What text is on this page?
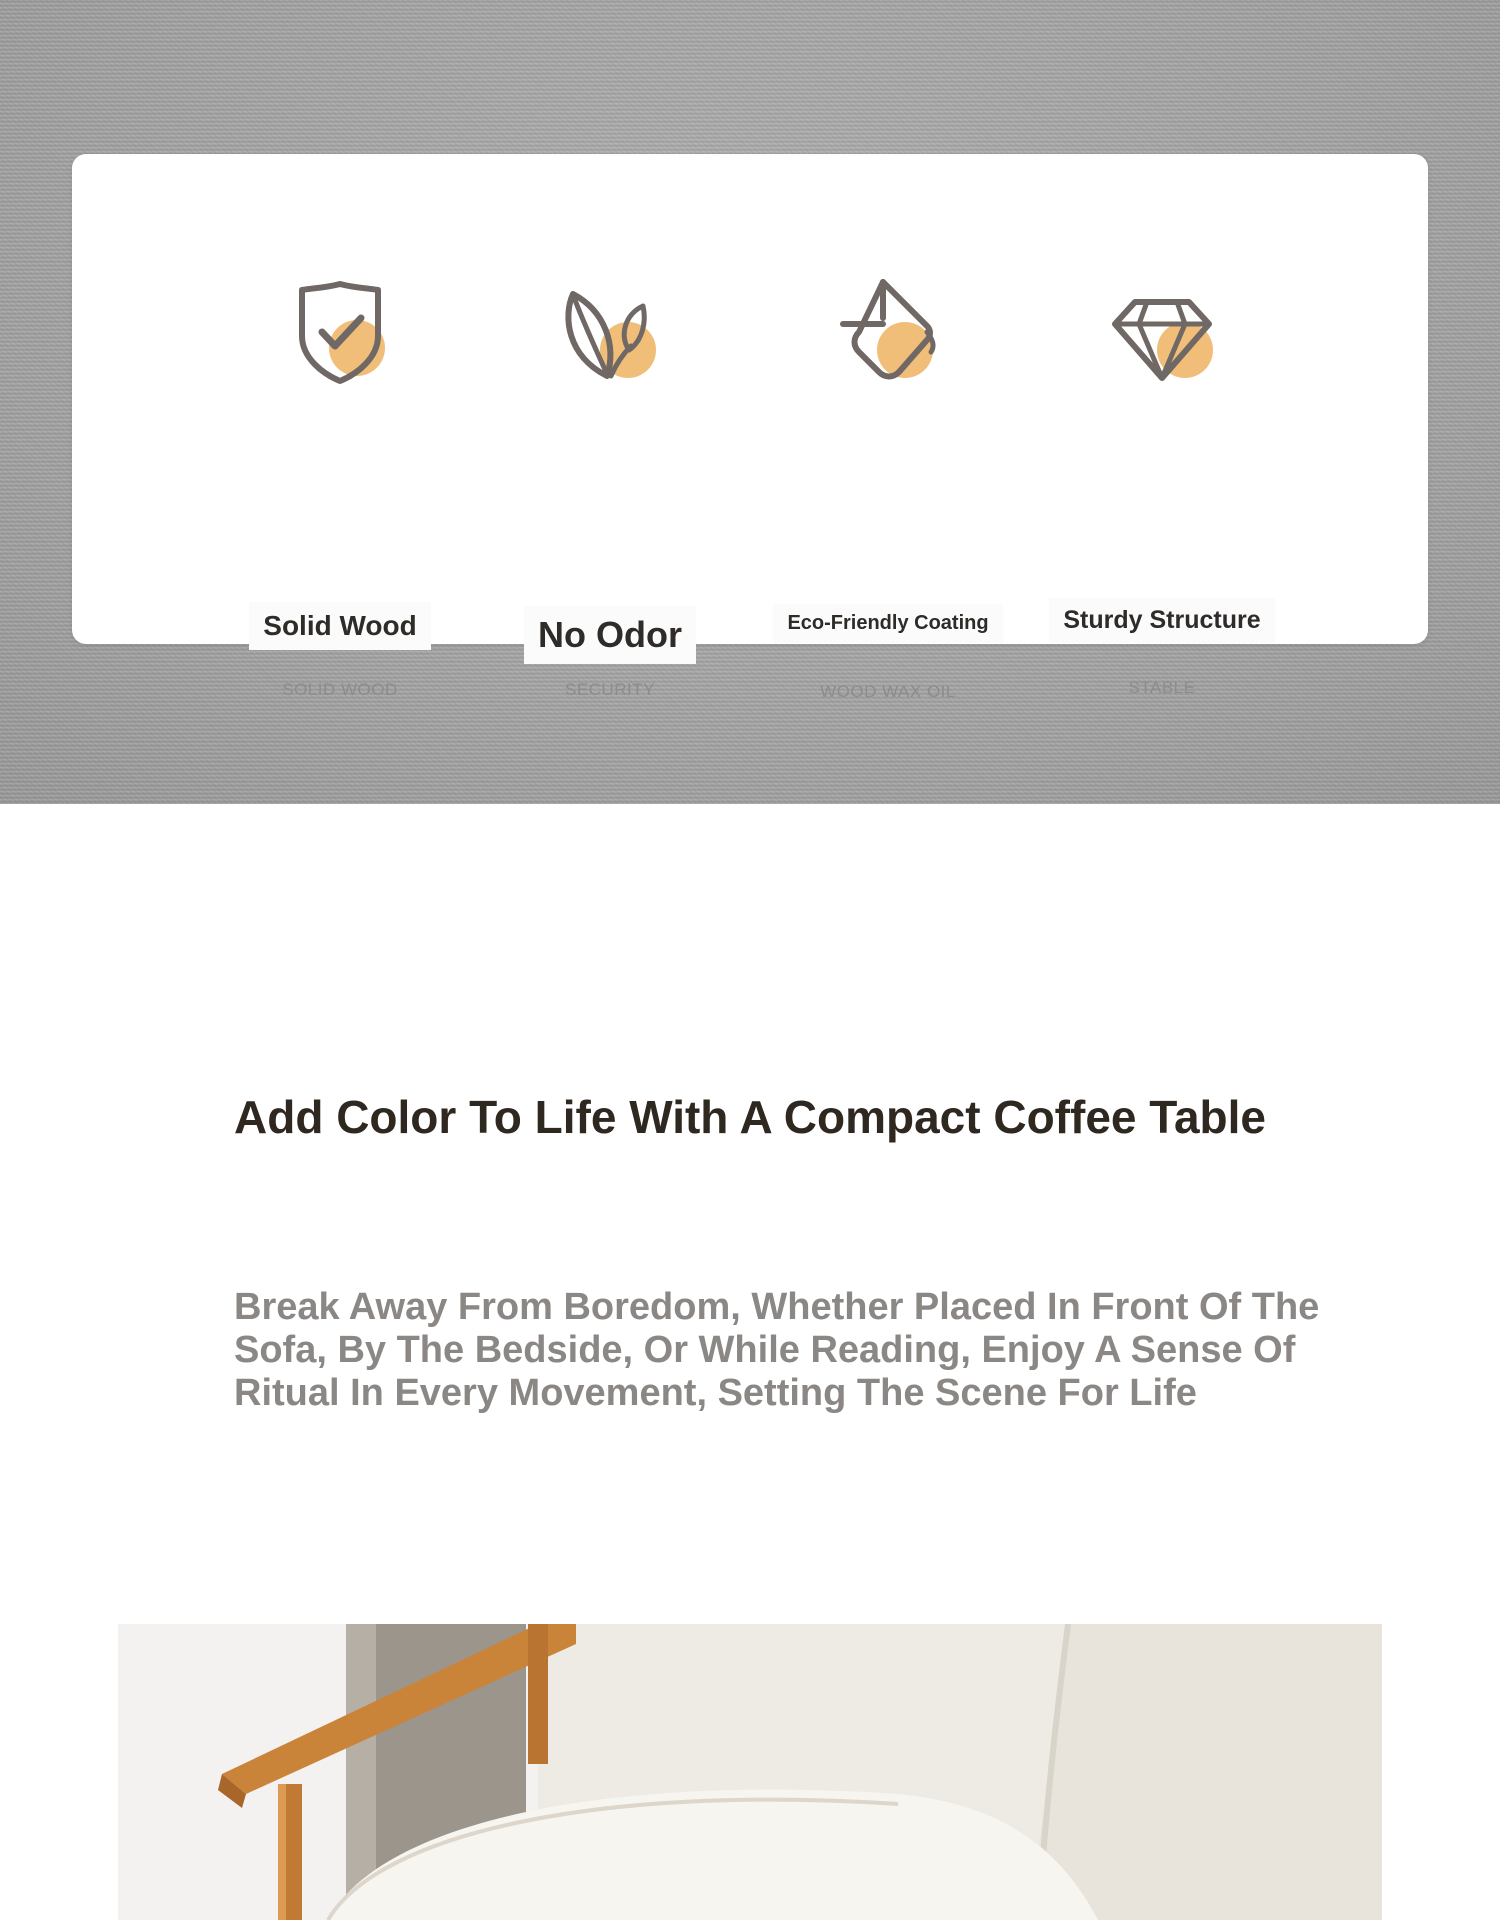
Solid Wood
SOLID WOOD
No Odor
SECURITY
Eco-Friendly Coating
WOOD WAX OIL
Sturdy Structure
STABLE
Add Color To Life With A Compact Coffee Table

Break Away From Boredom, Whether Placed In Front Of The Sofa, By The Bedside, Or While Reading, Enjoy A Sense Of Ritual In Every Movement, Setting The Scene For Life
